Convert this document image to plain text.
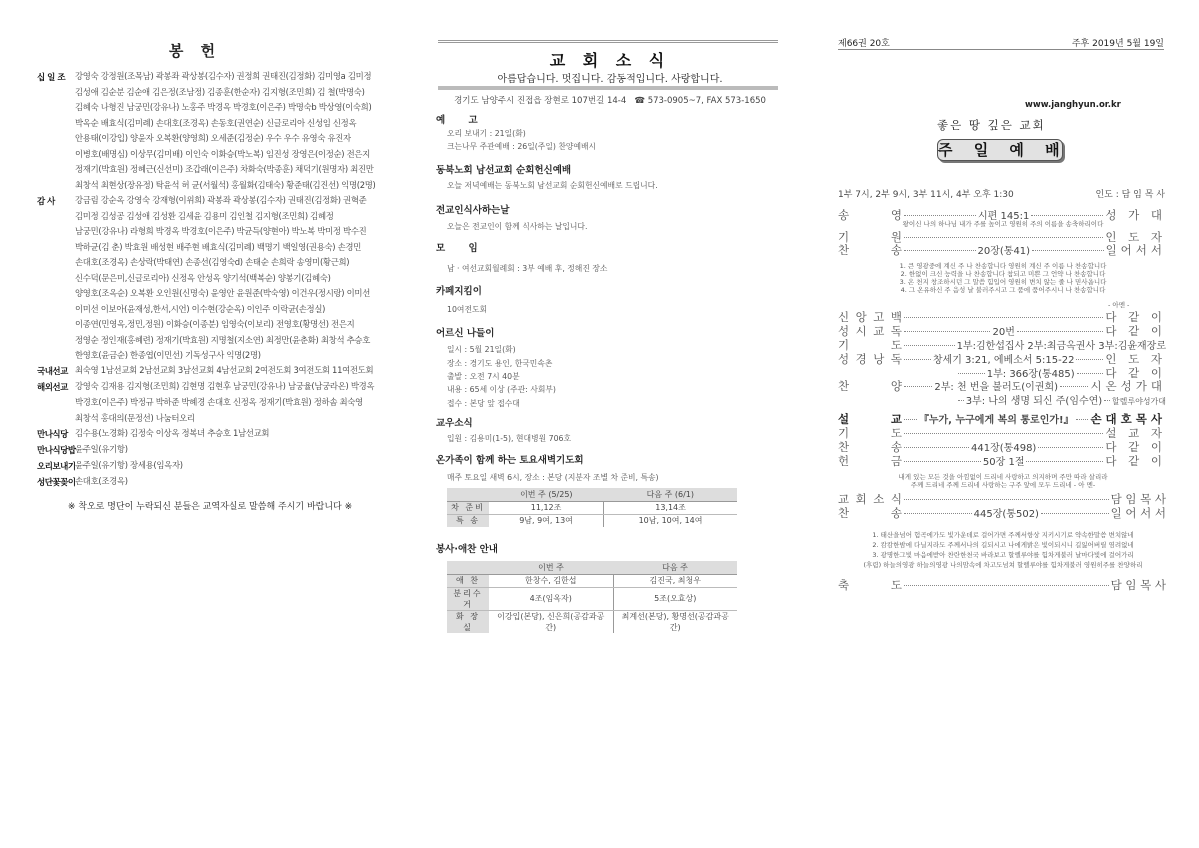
봉 헌
십 일 조 강영숙 강정원(조목남) 곽봉좌 곽상봉(김수자) 권정희 권태진(김정화) 김미영a 김미정
김성애 김순분 김순애 김은정(조남정) 김종훈(한순자) 김지형(조민희) 김 철(박명숙)
김혜숙 나형진 남궁민(강유나) 노홍주 박경옥 박경호(이은주) 박명숙b 박상영(이숙희)
박옥순 배효식(김미례) 손대호(조경옥) 손동호(권연순) 신글로리아 신성임 신정옥
안용태(이강입) 양윤자 오복환(양영희) 오세준(김정순) 우수 우수 유영숙 유진자
이병호(배명심) 이상무(김미배) 이인숙 이화승(박노복) 임진성 장영은(이정순) 전은지
정재기(박효원) 정혜근(신선미) 조갑래(이은주) 차화숙(박종훈) 채덕기(원명자) 최진만
최창석 최현상(장유정) 탁윤석 허 균(서월석) 홍월화(김태숙) 황준태(김진선) 익명(2명)
감 사 강금림 강순옥 강영숙 강재형(이위희) 곽봉좌 곽상봉(김수자) 권태진(김정화) 권혁준
김미정 김성공 김성애 김성환 김세윤 김용미 김인철 김지형(조민희) 김혜정
남궁민(강유나) 라형희 박경옥 박경호(이은주) 박균득(양현아) 박노복 박미정 박수진
박하균(김 춘) 박효원 배성현 배주현 배효식(김미례) 백명기 백일영(권용숙) 손경민
손대호(조경옥) 손상락(박태연) 손종선(김영숙d) 손태순 손희락 송영미(황근희)
신수덕(문은미,신글로리아) 신정옥 안성옥 양기석(백복순) 양봉기(김혜숙)
양영호(조옥순) 오복환 오인원(신명숙) 윤영안 윤원준(박숙영) 이건우(정시랑) 이미선
이미선 이보아(윤재성,한서,시언) 이수현(강순옥) 이인주 이락균(손정실)
이종연(민영옥,정민,정원) 이화승(이종분) 임영숙(이보리) 전영호(황명선) 전은지
정영순 정인재(홍혜련) 정재기(박효원) 지명철(지소연) 최정만(윤춘화) 최창석 추승호
한영호(윤금순) 한종엽(이민선) 기독성구사 익명(2명)
국내선교 최숙영 1남선교회 2남선교회 3남선교회 4남선교회 2여전도회 3여전도회 11여전도회
해외선교 강영숙 김재용 김지형(조민희) 김현명 김현후 남궁민(강유나) 남궁율(남궁라온) 박경옥
박경호(이은주) 박정규 박하준 박혜경 손대호 신정옥 정재기(박효원) 정하솜 최숙영
최창석 홍대의(문정선) 나눔터오리
만나식당 김수용(노경화) 김정숙 이상옥 정복녀 추승호 1남선교회
만나식당밥 윤주일(유기항)
오리보내기 윤주일(유기항) 장세용(임옥자)
성단꽃꽂이 손대호(조경옥)
※ 착오로 명단이 누락되신 분들은 교역자실로 말씀해 주시기 바랍니다 ※
교 회 소 식
아름답습니다. 멋집니다. 감동적입니다. 사랑합니다.
경기도 남양주시 진접읍 장현로 107번길 14-4 ☎ 573-0905~7, FAX 573-1650
예 고
오리 보내기 : 21일(화)
크는나무 주관예배 : 26일(주일) 찬양예배시
동북노회 남선교회 순회헌신예배
오늘 저녁예배는 동북노회 남선교회 순회헌신예배로 드립니다.
전교인식사하는날
오늘은 전교인이 함께 식사하는 날입니다.
모 임
남 · 여선교회월례회 : 3부 예배 후, 정해진 장소
카페지킴이
10여전도회
어르신 나들이
일시 : 5월 21일(화)
장소 : 경기도 용인, 한국민속촌
출발 : 오전 7시 40분
내용 : 65세 이상 (주관: 사회부)
접수 : 본당 앞 접수대
교우소식
입원 : 김용미(1-5), 현대병원 706호
온가족이 함께 하는 토요새벽기도회
매주 토요일 새벽 6시, 장소 : 본당 (지분자 조별 차 준비, 특송)
	이번 주 (5/25)	다음 주 (6/1)
차 준비	11,12조	13,14조
특 송	9남, 9여, 13여	10남, 10여, 14여
봉사·애찬 안내
	이번 주	다음 주
애 찬	한창수, 김한섭	김진국, 최청우
분리수거	4조(임옥자)	5조(오효상)
화 장 실	이강입(본당), 신은희(공감과공간)	최계선(본당), 황명선(공감과공간)
제66권 20호	주후 2019년 5월 19일
www.janghyun.or.kr
좋은 땅 깊은 교회
주 일 예 배
1부 7시, 2부 9시, 3부 11시, 4부 오후 1:30	인도 : 담 임 목 사
송	영	시편 145:1	성 가 대
기	원	인 도 자
찬	송	20장(통41)	일어서서
신 앙 고 백	다 같 이
성 시 교 독	20번	다 같 이
기	도	1부:김한섭집사 2부:최금옥권사 3부:김윤재장로
성 경 낭 독	창세기 3:21, 에베소서 5:15-22	인 도 자
1부: 366장(통485)	다 같 이
찬	양	2부: 천 번을 불러도(이권희)	시온성가대
3부: 나의 생명 되신 주(임수연) 할렐루야성가대
설	교 『누가, 누구에게 복의 통로인가!』 손대호목사
기	도	설 교 자
찬	송	441장(통498)	다 같 이
헌	금	50장 1절	다 같 이
교 회 소 식	담 임 목 사
찬	송	445장(통502)	일 어 서 서
축	도	담 임 목 사
왕이신 나의 하나님 내가 주를 높이고 영원히 주의 이름을 송축하리이다
1. 큰 영광중에 계신 주 나 찬송합니다 영원히 계신 주 이름 나 찬송합니다
2. 한없이 크신 능력을 나 찬송합니다 참되고 미쁜 그 언약 나 찬송합니다
3. 온 천지 창조하시던 그 말씀 힘입어 영원히 변치 않는 줄 나 믿사옵니다
4. 그 온유하신 주 음성 날 불러주시고 그 품에 품어주시니 나 찬송합니다
- 아멘 -
내게 있는 모든 것을 아낌없이 드리네 사랑하고 의지하며 주만 따라 살리라
주께 드리네 주께 드리네 사랑하는 구주 앞에 모두 드리네 - 아 멘-
1. 태산을넘어 험곡에가도 빛가운데로 걸어가면 주께서항상 지키시기로 약속한말씀 변치않네
2. 캄캄한밤에 다닐지라도 주께서나의 길되시고 나에게밝은 빛이되시니 길잃어버릴 염려없네
3. 광명한그빛 마음에받아 찬란한천국 바라보고 할렐루야를 힘차게불러 날마다빛에 걸어가리
(후렴) 하늘의영광 하늘의영광 나의맘속에 차고도넘쳐 할렐루야를 힘차게불러 영원히주를 찬양하리
